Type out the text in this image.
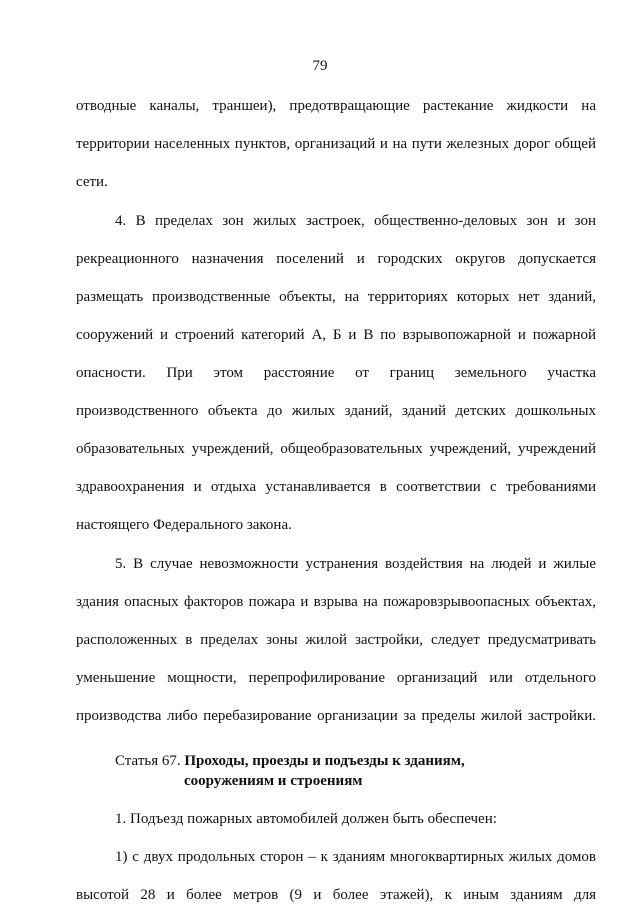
79
отводные каналы, траншеи), предотвращающие растекание жидкости на
территории населенных пунктов, организаций и на пути железных дорог общей
сети.
4. В пределах зон жилых застроек, общественно-деловых зон и зон
рекреационного назначения поселений и городских округов допускается
размещать производственные объекты, на территориях которых нет зданий,
сооружений и строений категорий А, Б и В по взрывопожарной и пожарной
опасности. При этом расстояние от границ земельного участка
производственного объекта до жилых зданий, зданий детских дошкольных
образовательных учреждений, общеобразовательных учреждений, учреждений
здравоохранения и отдыха устанавливается в соответствии с требованиями
настоящего Федерального закона.
5. В случае невозможности устранения воздействия на людей и жилые
здания опасных факторов пожара и взрыва на пожаровзрывоопасных объектах,
расположенных в пределах зоны жилой застройки, следует предусматривать
уменьшение мощности, перепрофилирование организаций или отдельного
производства либо перебазирование организации за пределы жилой застройки.
Статья 67. Проходы, проезды и подъезды к зданиям,
сооружениям и строениям
1. Подъезд пожарных автомобилей должен быть обеспечен:
1) с двух продольных сторон – к зданиям многоквартирных жилых домов
высотой 28 и более метров (9 и более этажей), к иным зданиям для
